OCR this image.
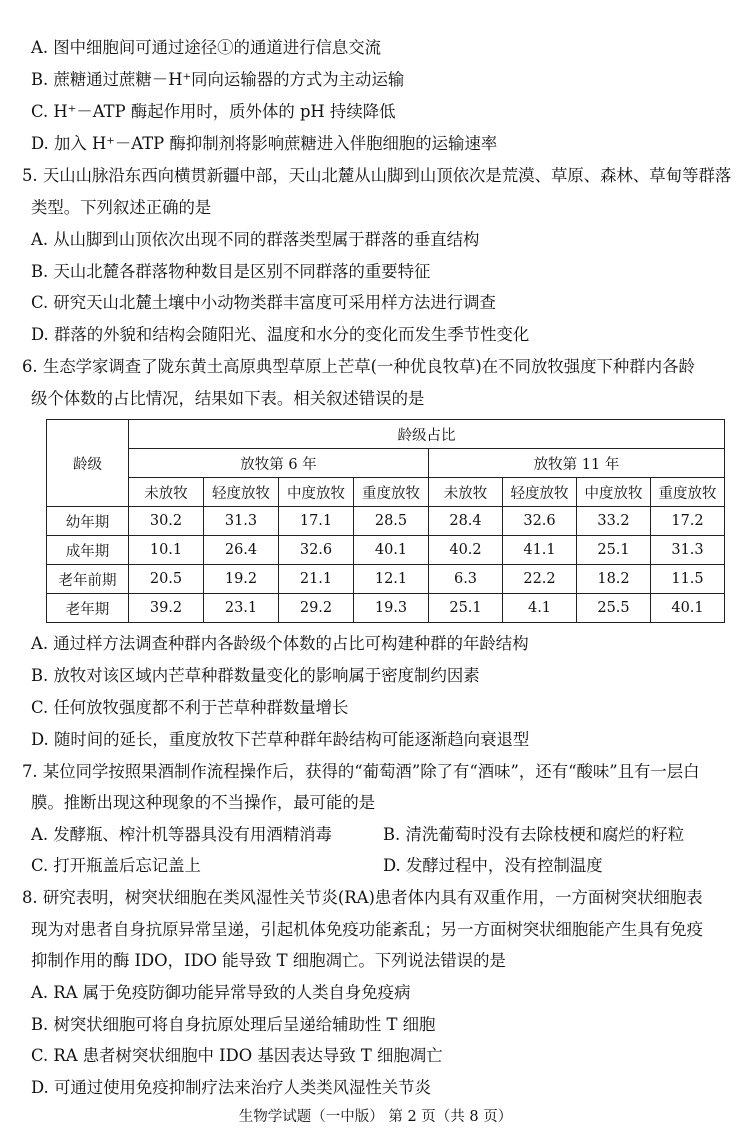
A. 图中细胞间可通过途径①的通道进行信息交流
B. 蔗糖通过蔗糖－H⁺同向运输器的方式为主动运输
C. H⁺－ATP 酶起作用时，质外体的 pH 持续降低
D. 加入 H⁺－ATP 酶抑制剂将影响蔗糖进入伴胞细胞的运输速率
5. 天山山脉沿东西向横贯新疆中部，天山北麓从山脚到山顶依次是荒漠、草原、森林、草甸等群落
类型。下列叙述正确的是
A. 从山脚到山顶依次出现不同的群落类型属于群落的垂直结构
B. 天山北麓各群落物种数目是区别不同群落的重要特征
C. 研究天山北麓土壤中小动物类群丰富度可采用样方法进行调查
D. 群落的外貌和结构会随阳光、温度和水分的变化而发生季节性变化
6. 生态学家调查了陇东黄土高原典型草原上芒草(一种优良牧草)在不同放牧强度下种群内各龄
级个体数的占比情况，结果如下表。相关叙述错误的是
龄级	龄级占比							
	放牧第 6 年				放牧第 11 年			
	未放牧	轻度放牧	中度放牧	重度放牧	未放牧	轻度放牧	中度放牧	重度放牧
幼年期	30.2	31.3	17.1	28.5	28.4	32.6	33.2	17.2
成年期	10.1	26.4	32.6	40.1	40.2	41.1	25.1	31.3
老年前期	20.5	19.2	21.1	12.1	6.3	22.2	18.2	11.5
老年期	39.2	23.1	29.2	19.3	25.1	4.1	25.5	40.1
A. 通过样方法调查种群内各龄级个体数的占比可构建种群的年龄结构
B. 放牧对该区域内芒草种群数量变化的影响属于密度制约因素
C. 任何放牧强度都不利于芒草种群数量增长
D. 随时间的延长，重度放牧下芒草种群年龄结构可能逐渐趋向衰退型
7. 某位同学按照果酒制作流程操作后，获得的“葡萄酒”除了有“酒味”，还有“酸味”且有一层白
膜。推断出现这种现象的不当操作，最可能的是
A. 发酵瓶、榨汁机等器具没有用酒精消毒	B. 清洗葡萄时没有去除枝梗和腐烂的籽粒
C. 打开瓶盖后忘记盖上	D. 发酵过程中，没有控制温度
8. 研究表明，树突状细胞在类风湿性关节炎(RA)患者体内具有双重作用，一方面树突状细胞表
现为对患者自身抗原异常呈递，引起机体免疫功能紊乱；另一方面树突状细胞能产生具有免疫
抑制作用的酶 IDO，IDO 能导致 T 细胞凋亡。下列说法错误的是
A. RA 属于免疫防御功能异常导致的人类自身免疫病
B. 树突状细胞可将自身抗原处理后呈递给辅助性 T 细胞
C. RA 患者树突状细胞中 IDO 基因表达导致 T 细胞凋亡
D. 可通过使用免疫抑制疗法来治疗人类类风湿性关节炎
生物学试题（一中版） 第 2 页（共 8 页）
